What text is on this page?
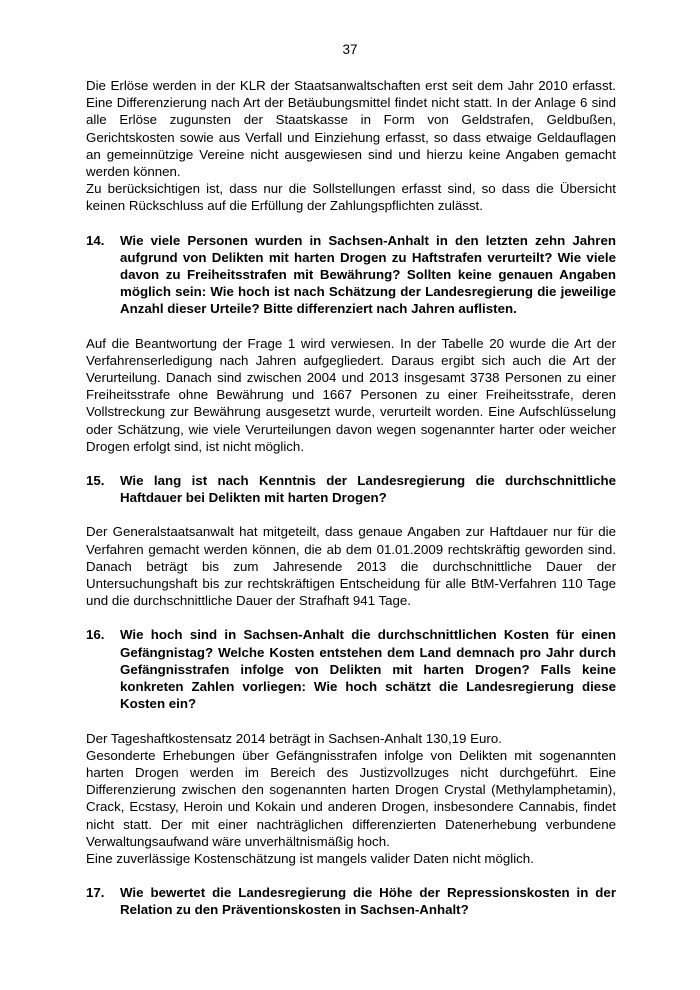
37

Die Erlöse werden in der KLR der Staatsanwaltschaften erst seit dem Jahr 2010 erfasst. Eine Differenzierung nach Art der Betäubungsmittel findet nicht statt. In der Anlage 6 sind alle Erlöse zugunsten der Staatskasse in Form von Geldstrafen, Geldbußen, Gerichtskosten sowie aus Verfall und Einziehung erfasst, so dass etwaige Geldauflagen an gemeinnützige Vereine nicht ausgewiesen sind und hierzu keine Angaben gemacht werden können.

Zu berücksichtigen ist, dass nur die Sollstellungen erfasst sind, so dass die Übersicht keinen Rückschluss auf die Erfüllung der Zahlungspflichten zulässt.

14.	Wie viele Personen wurden in Sachsen-Anhalt in den letzten zehn Jahren aufgrund von Delikten mit harten Drogen zu Haftstrafen verurteilt? Wie viele davon zu Freiheitsstrafen mit Bewährung? Sollten keine genauen Angaben möglich sein: Wie hoch ist nach Schätzung der Landesregierung die jeweilige Anzahl dieser Urteile? Bitte differenziert nach Jahren auflisten.

Auf die Beantwortung der Frage 1 wird verwiesen. In der Tabelle 20 wurde die Art der Verfahrenserledigung nach Jahren aufgegliedert. Daraus ergibt sich auch die Art der Verurteilung. Danach sind zwischen 2004 und 2013 insgesamt 3738 Personen zu einer Freiheitsstrafe ohne Bewährung und 1667 Personen zu einer Freiheitsstrafe, deren Vollstreckung zur Bewährung ausgesetzt wurde, verurteilt worden. Eine Aufschlüsselung oder Schätzung, wie viele Verurteilungen davon wegen sogenannter harter oder weicher Drogen erfolgt sind, ist nicht möglich.

15.	Wie lang ist nach Kenntnis der Landesregierung die durchschnittliche Haftdauer bei Delikten mit harten Drogen?

Der Generalstaatsanwalt hat mitgeteilt, dass genaue Angaben zur Haftdauer nur für die Verfahren gemacht werden können, die ab dem 01.01.2009 rechtskräftig geworden sind. Danach beträgt bis zum Jahresende 2013 die durchschnittliche Dauer der Untersuchungshaft bis zur rechtskräftigen Entscheidung für alle BtM-Verfahren 110 Tage und die durchschnittliche Dauer der Strafhaft 941 Tage.

16.	Wie hoch sind in Sachsen-Anhalt die durchschnittlichen Kosten für einen Gefängnistag? Welche Kosten entstehen dem Land demnach pro Jahr durch Gefängnisstrafen infolge von Delikten mit harten Drogen? Falls keine konkreten Zahlen vorliegen: Wie hoch schätzt die Landesregierung diese Kosten ein?

Der Tageshaftkostensatz 2014 beträgt in Sachsen-Anhalt 130,19 Euro.

Gesonderte Erhebungen über Gefängnisstrafen infolge von Delikten mit sogenannten harten Drogen werden im Bereich des Justizvollzuges nicht durchgeführt. Eine Differenzierung zwischen den sogenannten harten Drogen Crystal (Methylamphetamin), Crack, Ecstasy, Heroin und Kokain und anderen Drogen, insbesondere Cannabis, findet nicht statt. Der mit einer nachträglichen differenzierten Datenerhebung verbundene Verwaltungsaufwand wäre unverhältnismäßig hoch.

Eine zuverlässige Kostenschätzung ist mangels valider Daten nicht möglich.

17.	Wie bewertet die Landesregierung die Höhe der Repressionskosten in der Relation zu den Präventionskosten in Sachsen-Anhalt?
